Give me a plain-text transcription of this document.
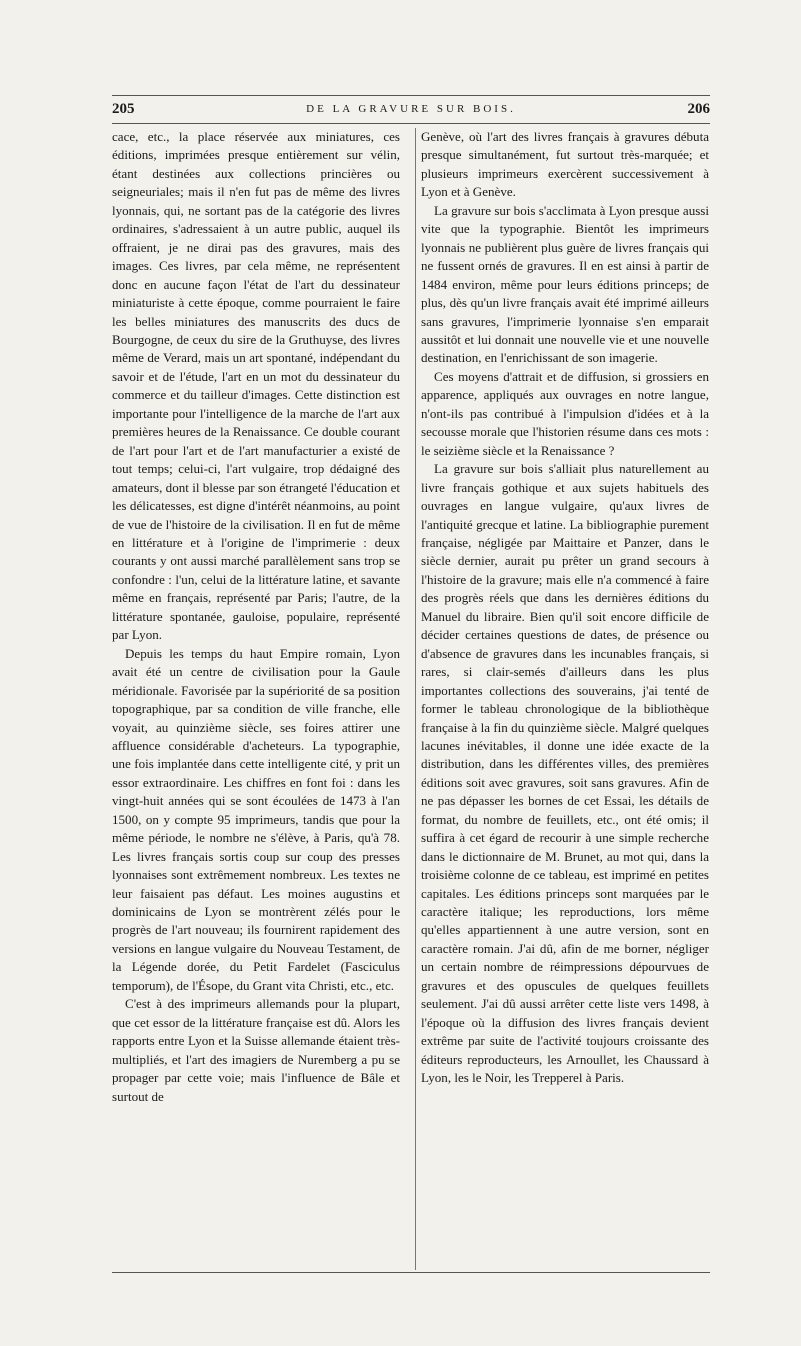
205	DE LA GRAVURE SUR BOIS.	206

cace, etc., la place réservée aux miniatures, ces éditions, imprimées presque entièrement sur vélin, étant destinées aux collections princières ou seigneuriales; mais il n'en fut pas de même des livres lyonnais, qui, ne sortant pas de la catégorie des livres ordinaires, s'adressaient à un autre public, auquel ils offraient, je ne dirai pas des gravures, mais des images. Ces livres, par cela même, ne représentent donc en aucune façon l'état de l'art du dessinateur miniaturiste à cette époque, comme pourraient le faire les belles miniatures des manuscrits des ducs de Bourgogne, de ceux du sire de la Gruthuyse, des livres même de Verard, mais un art spontané, indépendant du savoir et de l'étude, l'art en un mot du dessinateur du commerce et du tailleur d'images. Cette distinction est importante pour l'intelligence de la marche de l'art aux premières heures de la Renaissance. Ce double courant de l'art pour l'art et de l'art manufacturier a existé de tout temps; celui-ci, l'art vulgaire, trop dédaigné des amateurs, dont il blesse par son étrangeté l'éducation et les délicatesses, est digne d'intérêt néanmoins, au point de vue de l'histoire de la civilisation. Il en fut de même en littérature et à l'origine de l'imprimerie : deux courants y ont aussi marché parallèlement sans trop se confondre : l'un, celui de la littérature latine, et savante même en français, représenté par Paris; l'autre, de la littérature spontanée, gauloise, populaire, représenté par Lyon.

Depuis les temps du haut Empire romain, Lyon avait été un centre de civilisation pour la Gaule méridionale. Favorisée par la supériorité de sa position topographique, par sa condition de ville franche, elle voyait, au quinzième siècle, ses foires attirer une affluence considérable d'acheteurs. La typographie, une fois implantée dans cette intelligente cité, y prit un essor extraordinaire. Les chiffres en font foi : dans les vingt-huit années qui se sont écoulées de 1473 à l'an 1500, on y compte 95 imprimeurs, tandis que pour la même période, le nombre ne s'élève, à Paris, qu'à 78. Les livres français sortis coup sur coup des presses lyonnaises sont extrêmement nombreux. Les textes ne leur faisaient pas défaut. Les moines augustins et dominicains de Lyon se montrèrent zélés pour le progrès de l'art nouveau; ils fournirent rapidement des versions en langue vulgaire du Nouveau Testament, de la Légende dorée, du Petit Fardelet (Fasciculus temporum), de l'Ésope, du Grant vita Christi, etc., etc.

C'est à des imprimeurs allemands pour la plupart, que cet essor de la littérature française est dû. Alors les rapports entre Lyon et la Suisse allemande étaient très-multipliés, et l'art des imagiers de Nuremberg a pu se propager par cette voie; mais l'influence de Bâle et surtout de

Genève, où l'art des livres français à gravures débuta presque simultanément, fut surtout très-marquée; et plusieurs imprimeurs exercèrent successivement à Lyon et à Genève.

La gravure sur bois s'acclimata à Lyon presque aussi vite que la typographie. Bientôt les imprimeurs lyonnais ne publièrent plus guère de livres français qui ne fussent ornés de gravures. Il en est ainsi à partir de 1484 environ, même pour leurs éditions princeps; de plus, dès qu'un livre français avait été imprimé ailleurs sans gravures, l'imprimerie lyonnaise s'en emparait aussitôt et lui donnait une nouvelle vie et une nouvelle destination, en l'enrichissant de son imagerie.

Ces moyens d'attrait et de diffusion, si grossiers en apparence, appliqués aux ouvrages en notre langue, n'ont-ils pas contribué à l'impulsion d'idées et à la secousse morale que l'historien résume dans ces mots : le seizième siècle et la Renaissance ?

La gravure sur bois s'alliait plus naturellement au livre français gothique et aux sujets habituels des ouvrages en langue vulgaire, qu'aux livres de l'antiquité grecque et latine. La bibliographie purement française, négligée par Maittaire et Panzer, dans le siècle dernier, aurait pu prêter un grand secours à l'histoire de la gravure; mais elle n'a commencé à faire des progrès réels que dans les dernières éditions du Manuel du libraire. Bien qu'il soit encore difficile de décider certaines questions de dates, de présence ou d'absence de gravures dans les incunables français, si rares, si clair-semés d'ailleurs dans les plus importantes collections des souverains, j'ai tenté de former le tableau chronologique de la bibliothèque française à la fin du quinzième siècle. Malgré quelques lacunes inévitables, il donne une idée exacte de la distribution, dans les différentes villes, des premières éditions soit avec gravures, soit sans gravures. Afin de ne pas dépasser les bornes de cet Essai, les détails de format, du nombre de feuillets, etc., ont été omis; il suffira à cet égard de recourir à une simple recherche dans le dictionnaire de M. Brunet, au mot qui, dans la troisième colonne de ce tableau, est imprimé en petites capitales. Les éditions princeps sont marquées par le caractère italique; les reproductions, lors même qu'elles appartiennent à une autre version, sont en caractère romain. J'ai dû, afin de me borner, négliger un certain nombre de réimpressions dépourvues de gravures et des opuscules de quelques feuillets seulement. J'ai dû aussi arrêter cette liste vers 1498, à l'époque où la diffusion des livres français devient extrême par suite de l'activité toujours croissante des éditeurs reproducteurs, les Arnoullet, les Chaussard à Lyon, les le Noir, les Trepperel à Paris.
